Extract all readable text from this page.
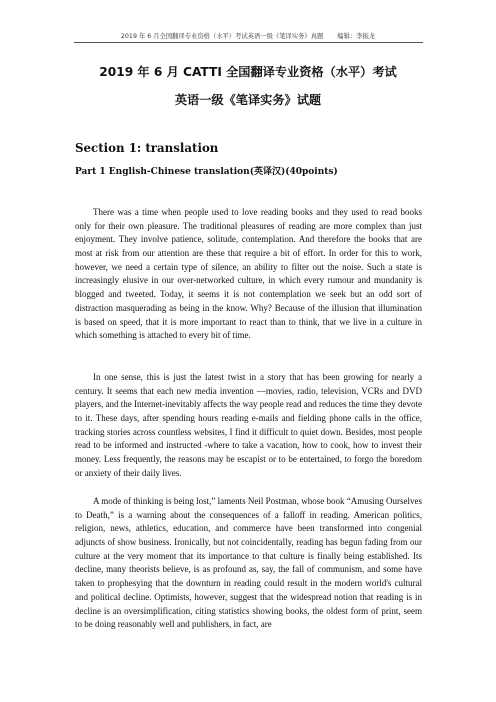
2019 年 6 月全国翻译专业资格（水平）考试英语一级《笔译实务》真题 编辑：李振龙
2019 年 6 月 CATTI 全国翻译专业资格（水平）考试
英语一级《笔译实务》试题
Section 1: translation
Part 1 English-Chinese translation(英译汉)(40points)
There was a time when people used to love reading books and they used to read books only for their own pleasure. The traditional pleasures of reading are more complex than just enjoyment. They involve patience, solitude, contemplation. And therefore the books that are most at risk from our attention are these that require a bit of effort. In order for this to work, however, we need a certain type of silence, an ability to filter out the noise. Such a state is increasingly elusive in our over-networked culture, in which every rumour and mundanity is blogged and tweeted. Today, it seems it is not contemplation we seek but an odd sort of distraction masquerading as being in the know. Why? Because of the illusion that illumination is based on speed, that it is more important to react than to think, that we live in a culture in which something is attached to every bit of time.
In one sense, this is just the latest twist in a story that has been growing for nearly a century. It seems that each new media invention —movies, radio, television, VCRs and DVD players, and the Internet-inevitably affects the way people read and reduces the time they devote to it. These days, after spending hours reading e-mails and fielding phone calls in the office, tracking stories across countless websites, I find it difficult to quiet down. Besides, most people read to be informed and instructed -where to take a vacation, how to cook, how to invest their money. Less frequently, the reasons may be escapist or to be entertained, to forgo the boredom or anxiety of their daily lives.
A mode of thinking is being lost,” laments Neil Postman, whose book “Amusing Ourselves to Death,” is a warning about the consequences of a falloff in reading. American politics, religion, news, athletics, education, and commerce have been transformed into congenial adjuncts of show business. Ironically, but not coincidentally, reading has begun fading from our culture at the very moment that its importance to that culture is finally being established. Its decline, many theorists believe, is as profound as, say, the fall of communism, and some have taken to prophesying that the downturn in reading could result in the modern world's cultural and political decline. Optimists, however, suggest that the widespread notion that reading is in decline is an oversimplification, citing statistics showing books, the oldest form of print, seem to be doing reasonably well and publishers, in fact, are
